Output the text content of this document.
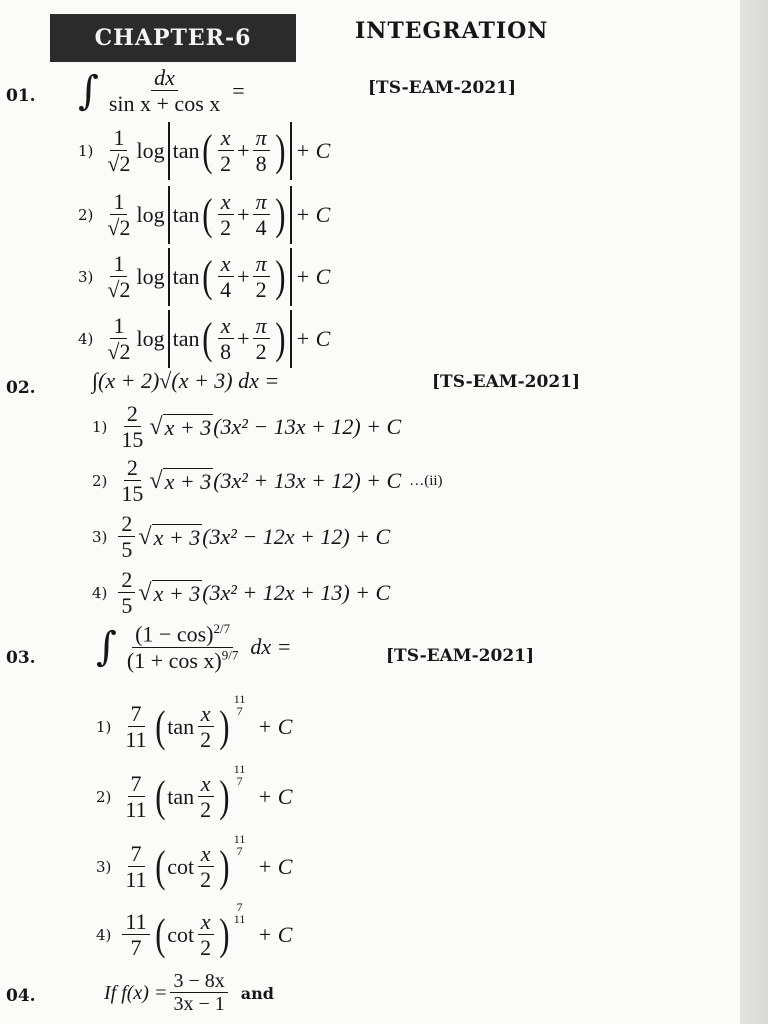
CHAPTER-6	INTEGRATION
01. ∫ $\frac{dx}{\text{sin x + cos x}}$ =	[TS-EAM-2021]
$1) \frac{1}{√2}$ log tan ( $\frac{x}{2} + \frac{\pi}{8}$ ) + C
$2) \frac{1}{√2}$ log tan ( $\frac{x}{2} + \frac{\pi}{4}$ ) + C
$3) \frac{1}{√2}$ log tan ( $\frac{x}{4} + \frac{\pi}{2}$ ) + C
$4) \frac{1}{√2}$ log tan ( $\frac{x}{8} + \frac{\pi}{2}$ ) + C
02.	∫(x + 2)√(x + 3) dx =	[TS-EAM-2021]
$1) \frac{2}{15}$ √ x + 3 (3x² − 13x + 12) + C
$2) \frac{2}{15}$ √ x + 3 (3x² + 13x + 12) + C …(ii)
$3) \frac{2}{5}$ √ x + 3 (3x² − 12x + 12) + C
$4) \frac{2}{5}$ √ x + 3 (3x² + 12x + 13) + C
03. ∫ $\frac{(1 - \cos)^{2/7}}{(1 + \cos x)^{9/7}}$ dx =	[TS-EAM-2021]
$1) \frac{7}{11}$ ( $\tan \frac{x}{2}$ )
11
7
+ C
$2) \frac{7}{11}$ ( $\tan \frac{x}{2}$ )
11
7
+ C
$3) \frac{7}{11}$ ( $\cot \frac{x}{2}$ )
11
7
+ C
$4) \frac{11}{7}$ ( $\cot \frac{x}{2}$ )
7
11
+ C
04.	If $f(x) = \frac{3 - 8x}{3x - 1}$ and
